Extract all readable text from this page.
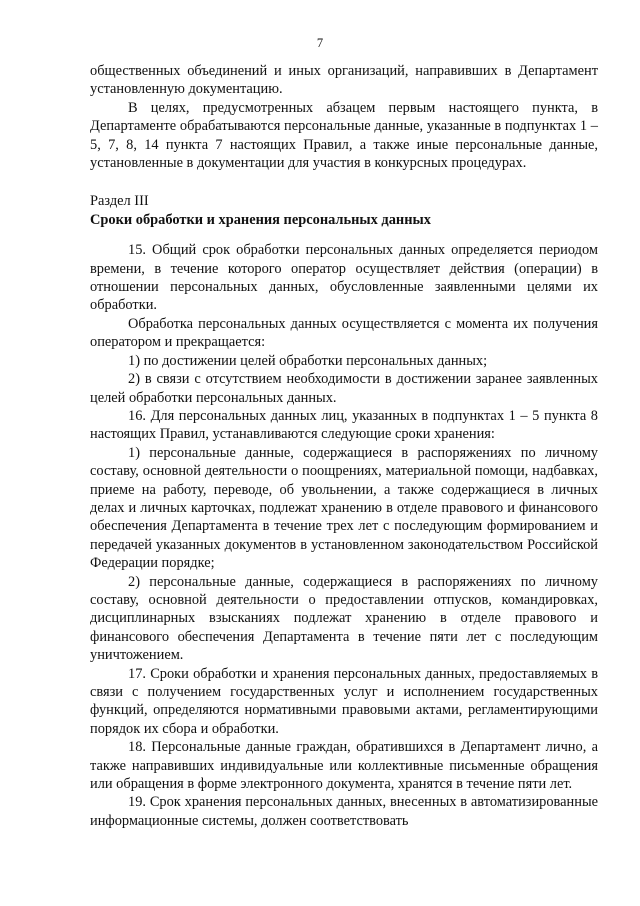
7

общественных объединений и иных организаций, направивших в Департамент установленную документацию.

В целях, предусмотренных абзацем первым настоящего пункта, в Департаменте обрабатываются персональные данные, указанные в подпунктах 1 – 5, 7, 8, 14 пункта 7 настоящих Правил, а также иные персональные данные, установленные в документации для участия в конкурсных процедурах.

Раздел III

Сроки обработки и хранения персональных данных

15. Общий срок обработки персональных данных определяется периодом времени, в течение которого оператор осуществляет действия (операции) в отношении персональных данных, обусловленные заявленными целями их обработки.

Обработка персональных данных осуществляется с момента их получения оператором и прекращается:

1) по достижении целей обработки персональных данных;

2) в связи с отсутствием необходимости в достижении заранее заявленных целей обработки персональных данных.

16. Для персональных данных лиц, указанных в подпунктах 1 – 5 пункта 8 настоящих Правил, устанавливаются следующие сроки хранения:

1) персональные данные, содержащиеся в распоряжениях по личному составу, основной деятельности о поощрениях, материальной помощи, надбавках, приеме на работу, переводе, об увольнении, а также содержащиеся в личных делах и личных карточках, подлежат хранению в отделе правового и финансового обеспечения Департамента в течение трех лет с последующим формированием и передачей указанных документов в установленном законодательством Российской Федерации порядке;

2) персональные данные, содержащиеся в распоряжениях по личному составу, основной деятельности о предоставлении отпусков, командировках, дисциплинарных взысканиях подлежат хранению в отделе правового и финансового обеспечения Департамента в течение пяти лет с последующим уничтожением.

17. Сроки обработки и хранения персональных данных, предоставляемых в связи с получением государственных услуг и исполнением государственных функций, определяются нормативными правовыми актами, регламентирующими порядок их сбора и обработки.

18. Персональные данные граждан, обратившихся в Департамент лично, а также направивших индивидуальные или коллективные письменные обращения или обращения в форме электронного документа, хранятся в течение пяти лет.

19. Срок хранения персональных данных, внесенных в автоматизированные информационные системы, должен соответствовать
